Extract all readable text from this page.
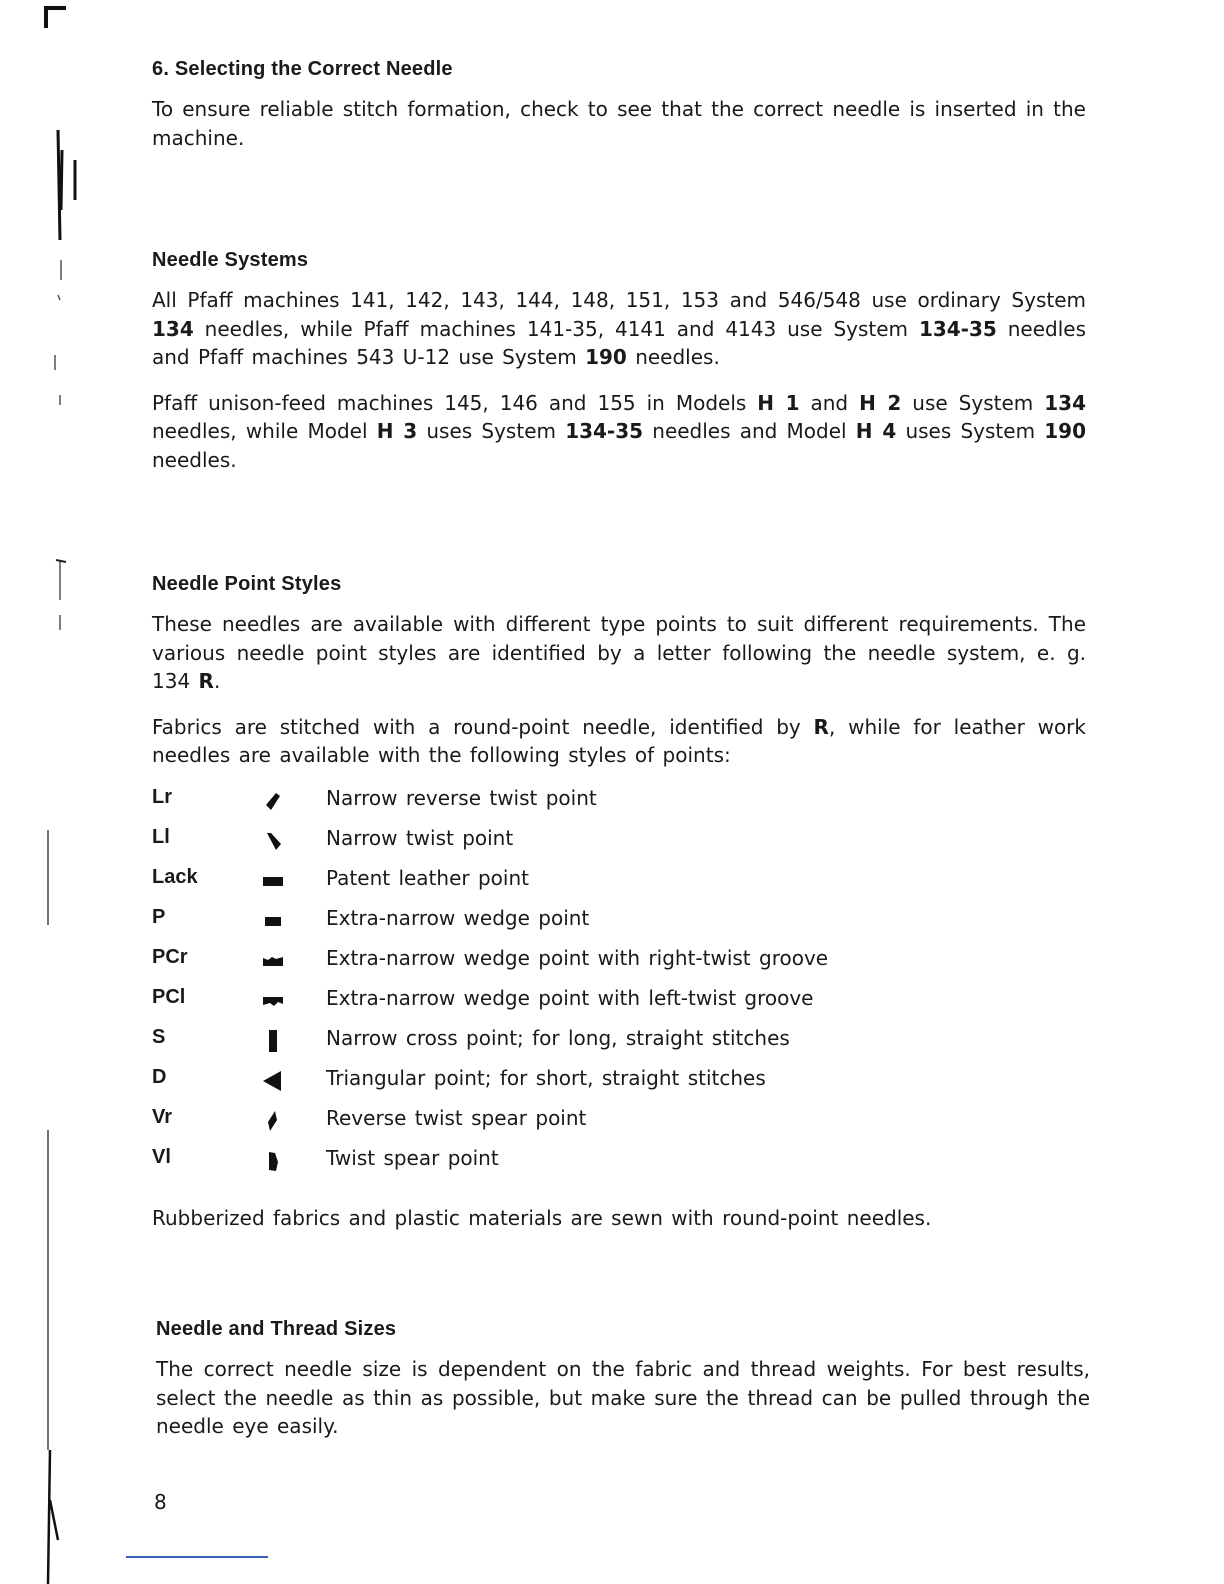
6. Selecting the Correct Needle

To ensure reliable stitch formation, check to see that the correct needle is inserted in the machine.

Needle Systems

All Pfaff machines 141, 142, 143, 144, 148, 151, 153 and 546/548 use ordinary System 134 needles, while Pfaff machines 141-35, 4141 and 4143 use System 134-35 needles and Pfaff machines 543 U-12 use System 190 needles.

Pfaff unison-feed machines 145, 146 and 155 in Models H 1 and H 2 use System 134 needles, while Model H 3 uses System 134-35 needles and Model H 4 uses System 190 needles.

Needle Point Styles

These needles are available with different type points to suit different requirements. The various needle point styles are identified by a letter following the needle system, e. g. 134 R.

Fabrics are stitched with a round-point needle, identified by R, while for leather work needles are available with the following styles of points:

Lr	Narrow reverse twist point
Ll	Narrow twist point
Lack	Patent leather point
P	Extra-narrow wedge point
PCr	Extra-narrow wedge point with right-twist groove
PCl	Extra-narrow wedge point with left-twist groove
S	Narrow cross point; for long, straight stitches
D	Triangular point; for short, straight stitches
Vr	Reverse twist spear point
Vl	Twist spear point

Rubberized fabrics and plastic materials are sewn with round-point needles.

Needle and Thread Sizes

The correct needle size is dependent on the fabric and thread weights. For best results, select the needle as thin as possible, but make sure the thread can be pulled through the needle eye easily.

8
